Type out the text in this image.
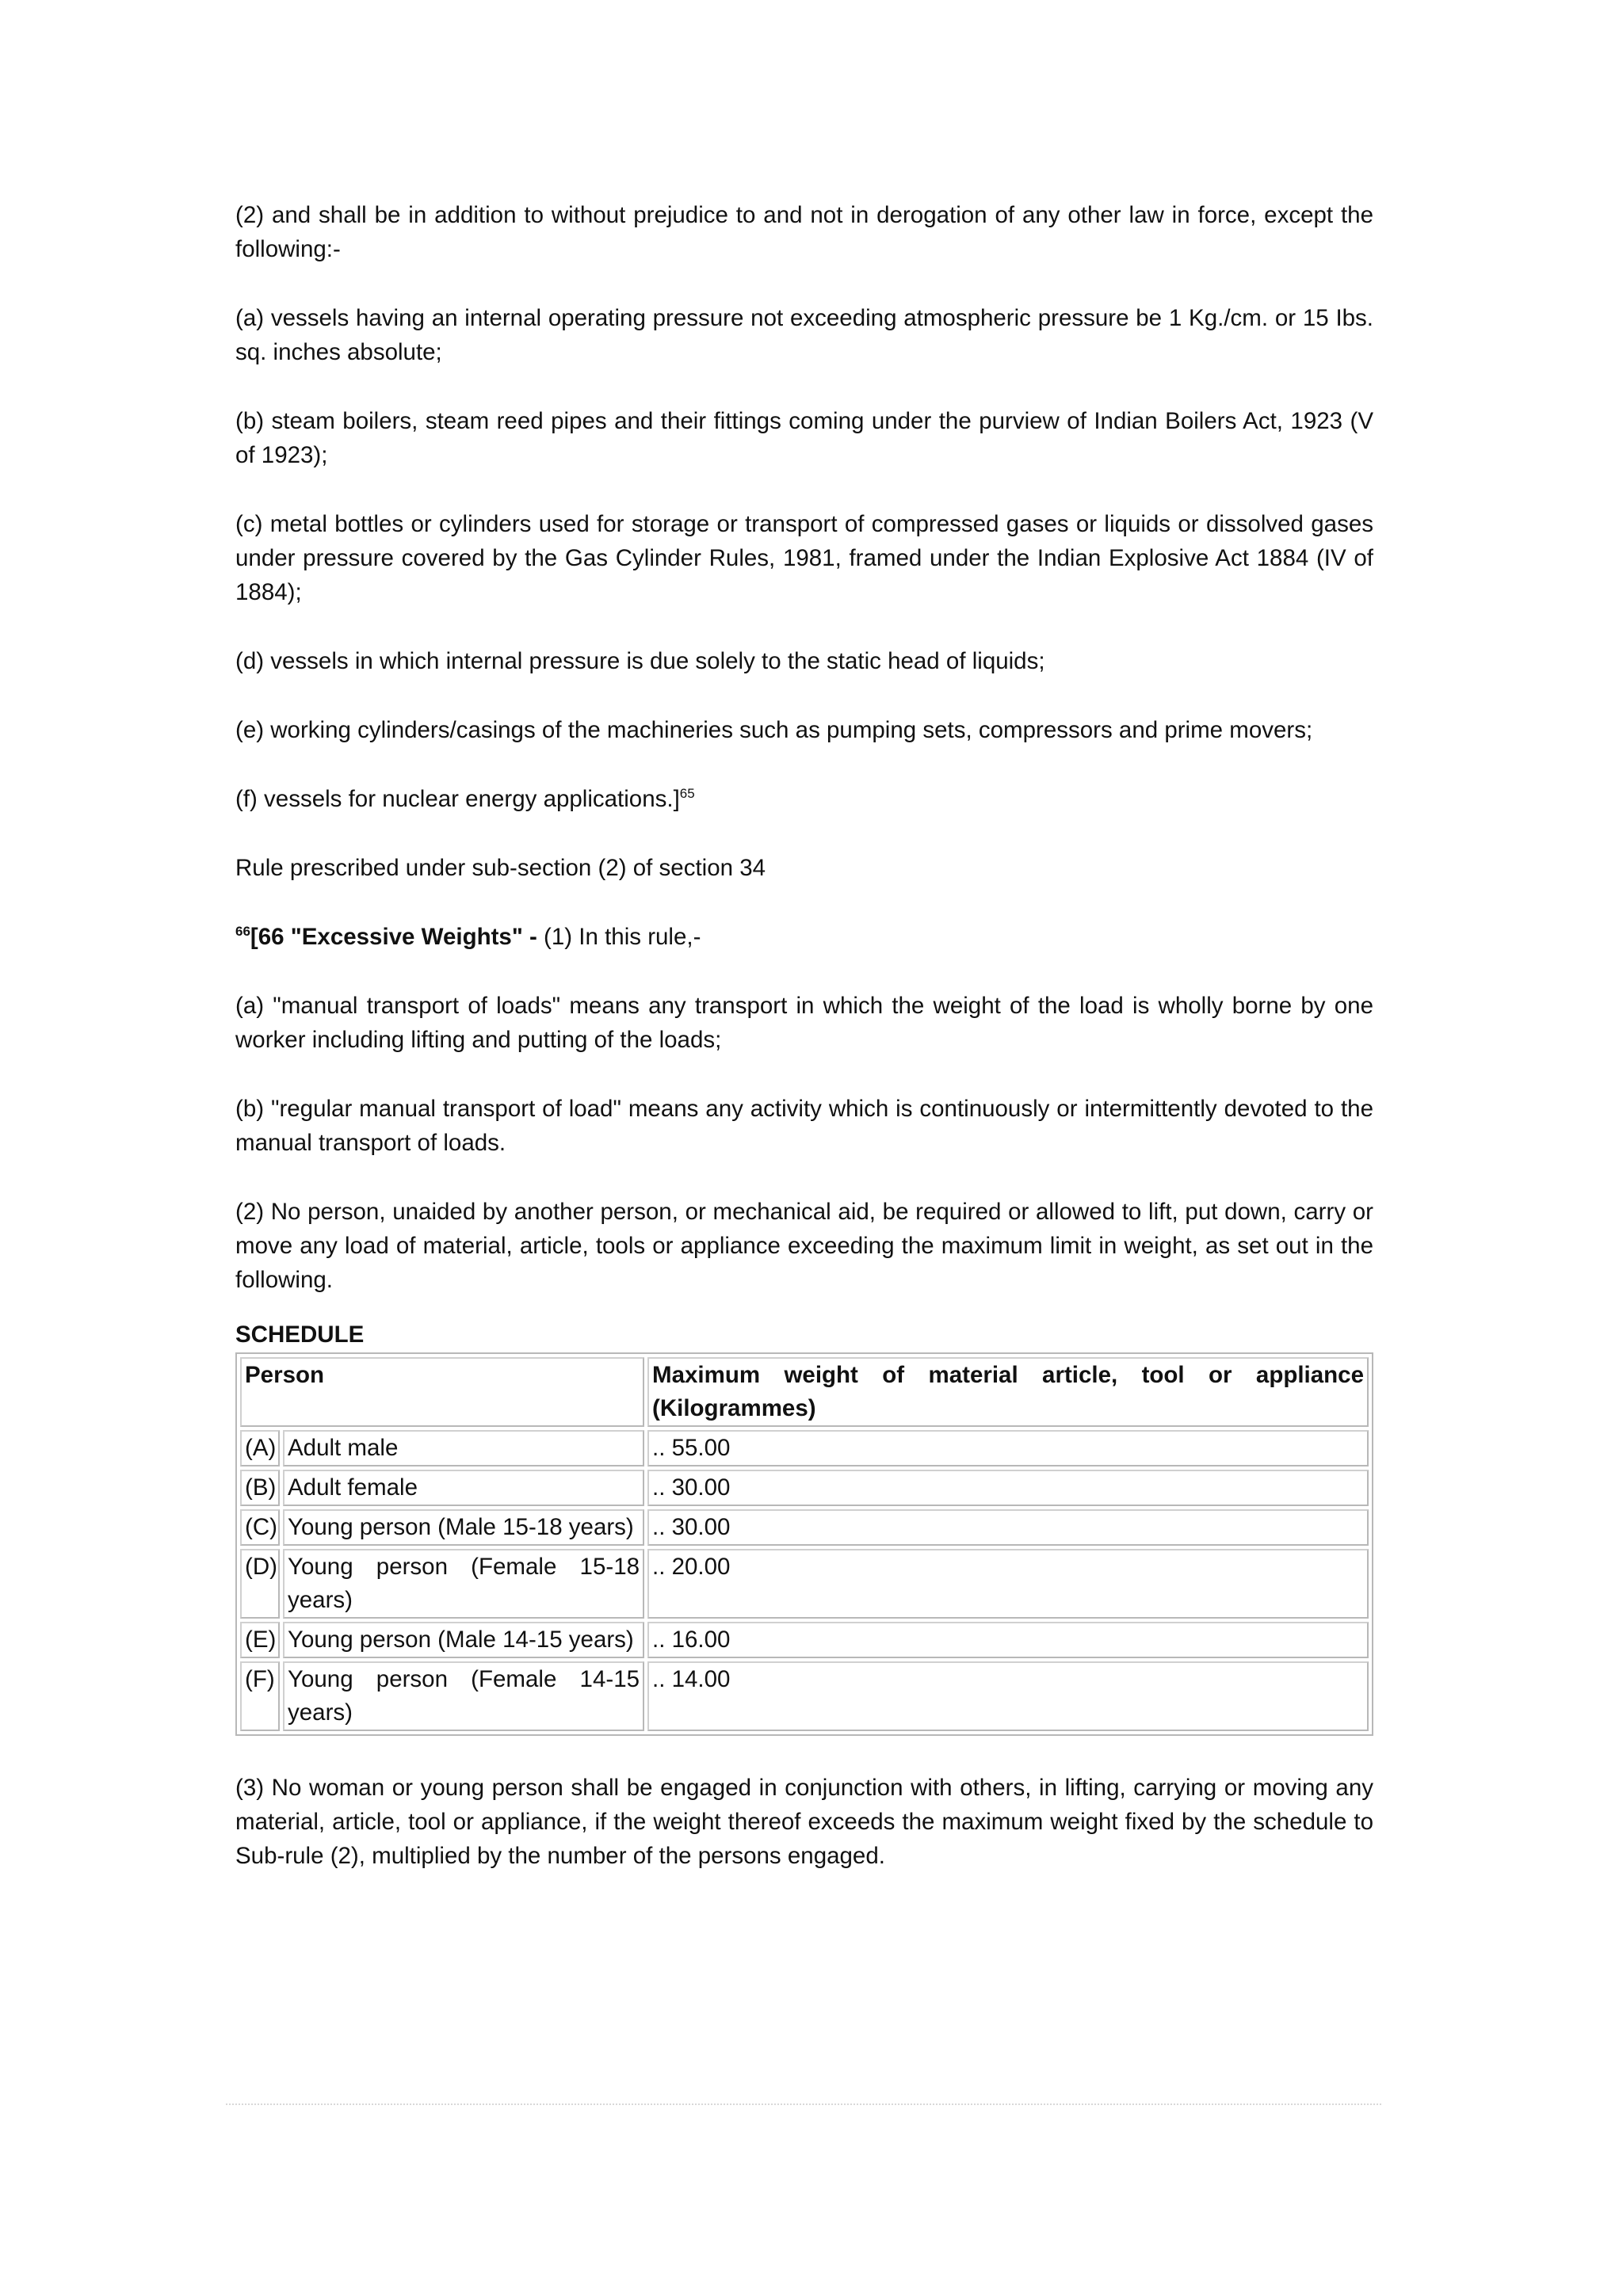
(2) and shall be in addition to without prejudice to and not in derogation of any other law in force, except the following:-

(a) vessels having an internal operating pressure not exceeding atmospheric pressure be 1 Kg./cm. or 15 Ibs. sq. inches absolute;

(b) steam boilers, steam reed pipes and their fittings coming under the purview of Indian Boilers Act, 1923 (V of 1923);

(c) metal bottles or cylinders used for storage or transport of compressed gases or liquids or dissolved gases under pressure covered by the Gas Cylinder Rules, 1981, framed under the Indian Explosive Act 1884 (IV of 1884);

(d) vessels in which internal pressure is due solely to the static head of liquids;

(e) working cylinders/casings of the machineries such as pumping sets, compressors and prime movers;

(f) vessels for nuclear energy applications.]$^{65}$

Rule prescribed under sub-section (2) of section 34

$^{66}$[66 "Excessive Weights" - (1) In this rule,-

(a) "manual transport of loads" means any transport in which the weight of the load is wholly borne by one worker including lifting and putting of the loads;

(b) "regular manual transport of load" means any activity which is continuously or intermittently devoted to the manual transport of loads.

(2) No person, unaided by another person, or mechanical aid, be required or allowed to lift, put down, carry or move any load of material, article, tools or appliance exceeding the maximum limit in weight, as set out in the following.

SCHEDULE
Person		Maximum weight of material article, tool or appliance (Kilogrammes)
(A)	Adult male	.. 55.00
(B)	Adult female	.. 30.00
(C)	Young person (Male 15-18 years)	.. 30.00
(D)	Young person (Female 15-18 years)	.. 20.00
(E)	Young person (Male 14-15 years)	.. 16.00
(F)	Young person (Female 14-15 years)	.. 14.00

(3) No woman or young person shall be engaged in conjunction with others, in lifting, carrying or moving any material, article, tool or appliance, if the weight thereof exceeds the maximum weight fixed by the schedule to Sub-rule (2), multiplied by the number of the persons engaged.
